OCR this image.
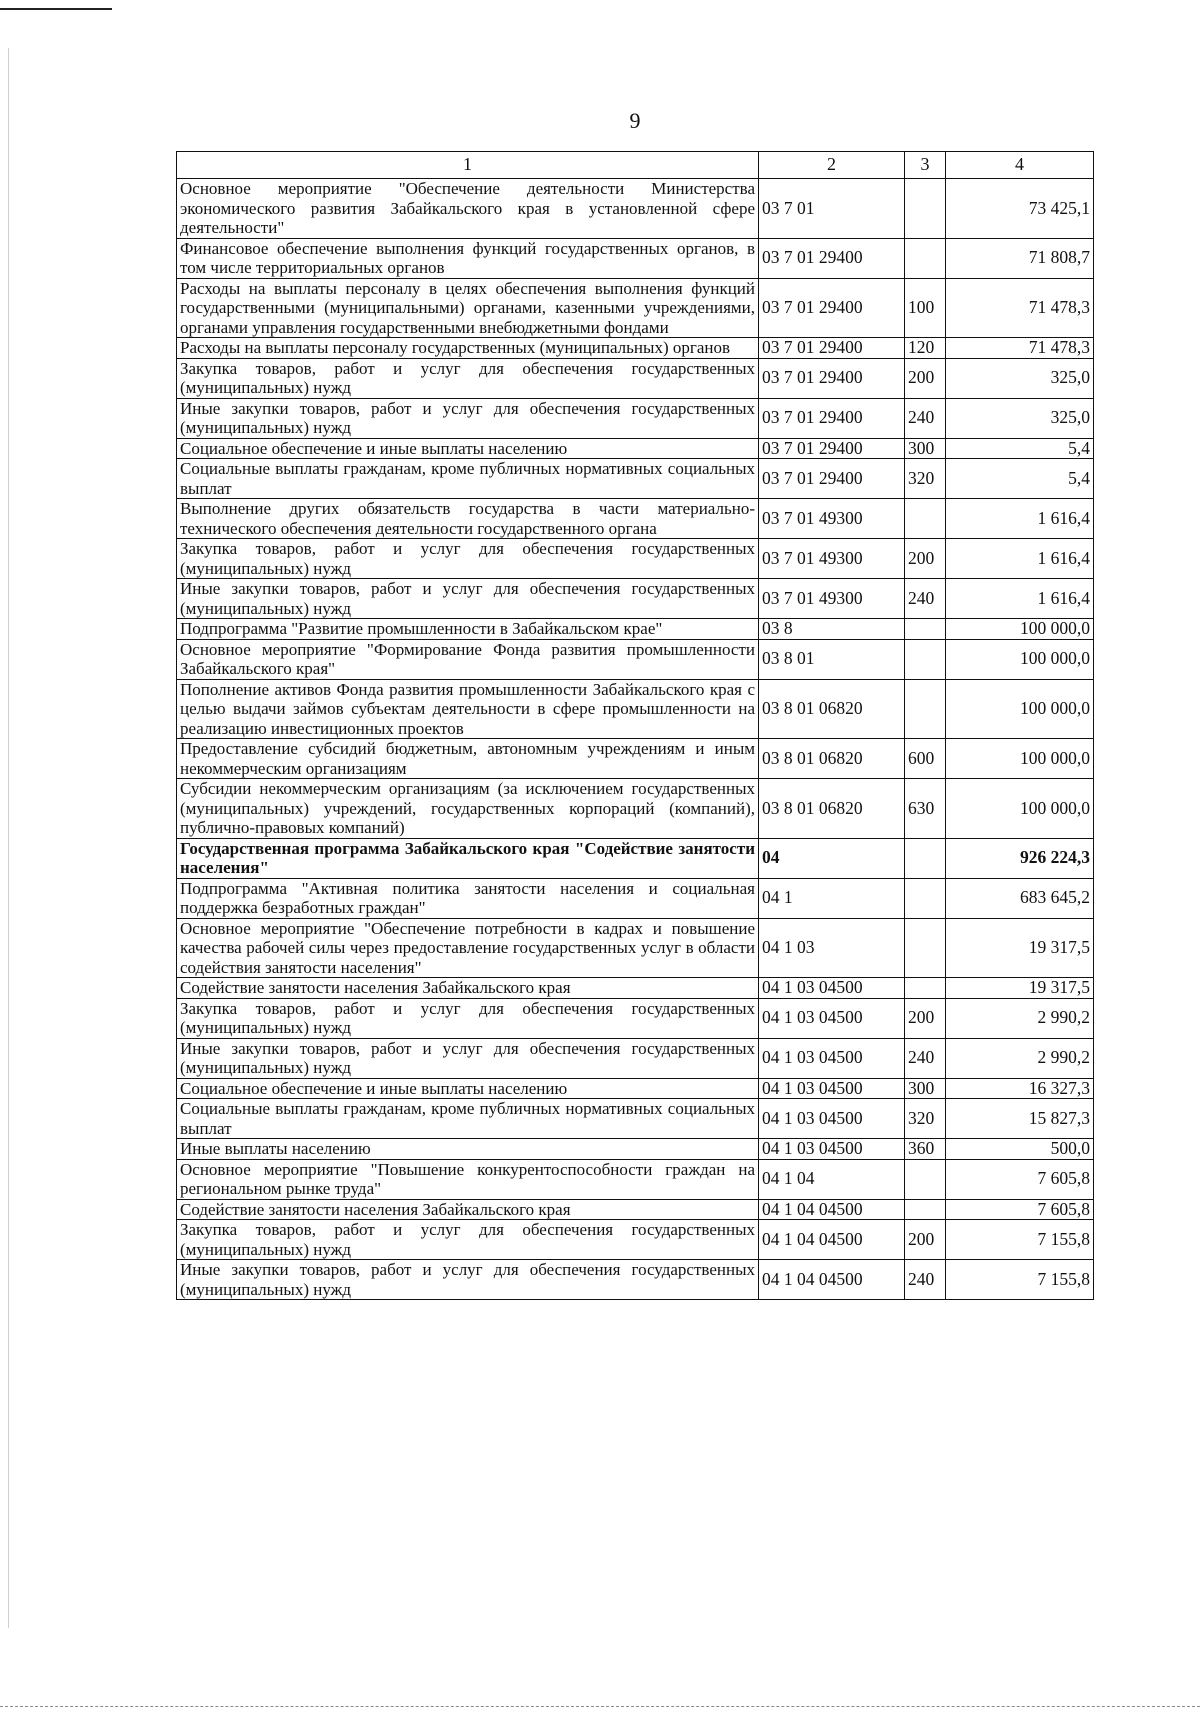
9
1	2	3	4
Основное мероприятие "Обеспечение деятельности Министерства экономического развития Забайкальского края в установленной сфере деятельности"	03 7 01		73 425,1
Финансовое обеспечение выполнения функций государственных органов, в том числе территориальных органов	03 7 01 29400		71 808,7
Расходы на выплаты персоналу в целях обеспечения выполнения функций государственными (муниципальными) органами, казенными учреждениями, органами управления государственными внебюджетными фондами	03 7 01 29400	100	71 478,3
Расходы на выплаты персоналу государственных (муниципальных) органов	03 7 01 29400	120	71 478,3
Закупка товаров, работ и услуг для обеспечения государственных (муниципальных) нужд	03 7 01 29400	200	325,0
Иные закупки товаров, работ и услуг для обеспечения государственных (муниципальных) нужд	03 7 01 29400	240	325,0
Социальное обеспечение и иные выплаты населению	03 7 01 29400	300	5,4
Социальные выплаты гражданам, кроме публичных нормативных социальных выплат	03 7 01 29400	320	5,4
Выполнение других обязательств государства в части материально-технического обеспечения деятельности государственного органа	03 7 01 49300		1 616,4
Закупка товаров, работ и услуг для обеспечения государственных (муниципальных) нужд	03 7 01 49300	200	1 616,4
Иные закупки товаров, работ и услуг для обеспечения государственных (муниципальных) нужд	03 7 01 49300	240	1 616,4
Подпрограмма "Развитие промышленности в Забайкальском крае"	03 8		100 000,0
Основное мероприятие "Формирование Фонда развития промышленности Забайкальского края"	03 8 01		100 000,0
Пополнение активов Фонда развития промышленности Забайкальского края с целью выдачи займов субъектам деятельности в сфере промышленности на реализацию инвестиционных проектов	03 8 01 06820		100 000,0
Предоставление субсидий бюджетным, автономным учреждениям и иным некоммерческим организациям	03 8 01 06820	600	100 000,0
Субсидии некоммерческим организациям (за исключением государственных (муниципальных) учреждений, государственных корпораций (компаний), публично-правовых компаний)	03 8 01 06820	630	100 000,0
Государственная программа Забайкальского края "Содействие занятости населения"	04		926 224,3
Подпрограмма "Активная политика занятости населения и социальная поддержка безработных граждан"	04 1		683 645,2
Основное мероприятие "Обеспечение потребности в кадрах и повышение качества рабочей силы через предоставление государственных услуг в области содействия занятости населения"	04 1 03		19 317,5
Содействие занятости населения Забайкальского края	04 1 03 04500		19 317,5
Закупка товаров, работ и услуг для обеспечения государственных (муниципальных) нужд	04 1 03 04500	200	2 990,2
Иные закупки товаров, работ и услуг для обеспечения государственных (муниципальных) нужд	04 1 03 04500	240	2 990,2
Социальное обеспечение и иные выплаты населению	04 1 03 04500	300	16 327,3
Социальные выплаты гражданам, кроме публичных нормативных социальных выплат	04 1 03 04500	320	15 827,3
Иные выплаты населению	04 1 03 04500	360	500,0
Основное мероприятие "Повышение конкурентоспособности граждан на региональном рынке труда"	04 1 04		7 605,8
Содействие занятости населения Забайкальского края	04 1 04 04500		7 605,8
Закупка товаров, работ и услуг для обеспечения государственных (муниципальных) нужд	04 1 04 04500	200	7 155,8
Иные закупки товаров, работ и услуг для обеспечения государственных (муниципальных) нужд	04 1 04 04500	240	7 155,8
